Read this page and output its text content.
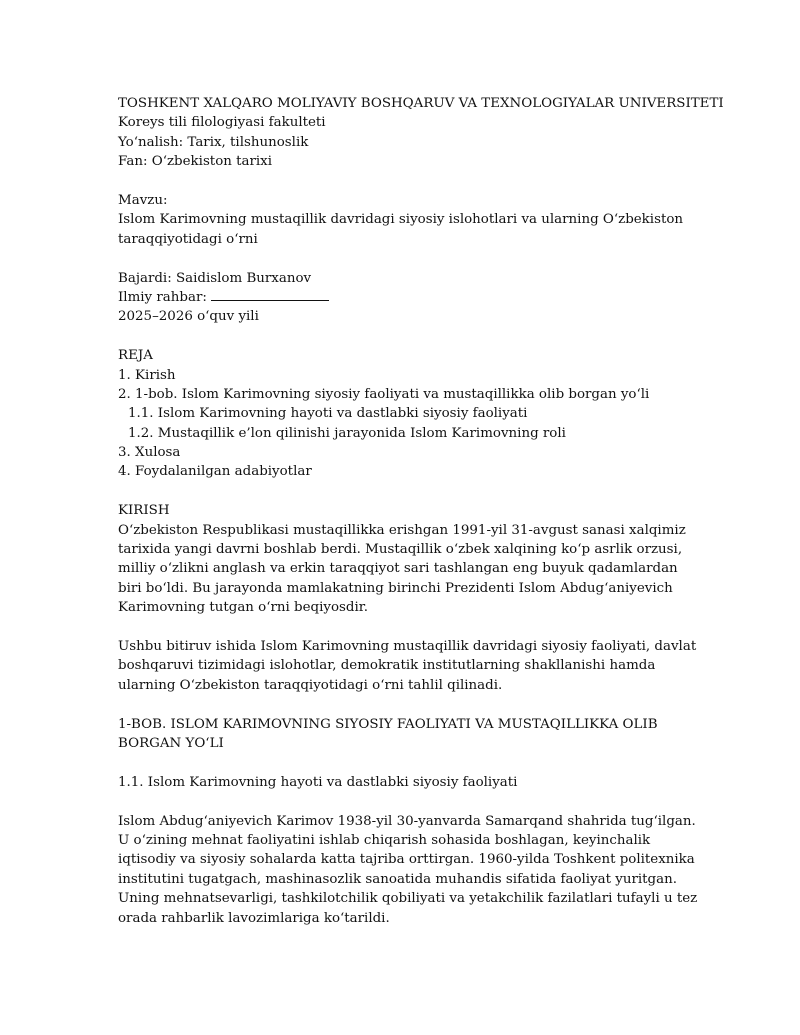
TOSHKENT XALQARO MOLIYAVIY BOSHQARUV VA TEXNOLOGIYALAR UNIVERSITETI
Koreys tili filologiyasi fakulteti
Yo‘nalish: Tarix, tilshunoslik
Fan: O‘zbekiston tarixi
Mavzu:

Islom Karimovning mustaqillik davridagi siyosiy islohotlari va ularning O‘zbekiston taraqqiyotidagi o‘rni

Bajardi: Saidislom Burxanov
Ilmiy rahbar:
2025–2026 o‘quv yili
REJA
1. Kirish
2. 1-bob. Islom Karimovning siyosiy faoliyati va mustaqillikka olib borgan yo‘li
1.1. Islom Karimovning hayoti va dastlabki siyosiy faoliyati
1.2. Mustaqillik e’lon qilinishi jarayonida Islom Karimovning roli
3. Xulosa
4. Foydalanilgan adabiyotlar
KIRISH

O‘zbekiston Respublikasi mustaqillikka erishgan 1991-yil 31-avgust sanasi xalqimiz tarixida yangi davrni boshlab berdi. Mustaqillik o‘zbek xalqining ko‘p asrlik orzusi, milliy o‘zlikni anglash va erkin taraqqiyot sari tashlangan eng buyuk qadamlardan biri bo‘ldi. Bu jarayonda mamlakatning birinchi Prezidenti Islom Abdug‘aniyevich Karimovning tutgan o‘rni beqiyosdir.

Ushbu bitiruv ishida Islom Karimovning mustaqillik davridagi siyosiy faoliyati, davlat boshqaruvi tizimidagi islohotlar, demokratik institutlarning shakllanishi hamda ularning O‘zbekiston taraqqiyotidagi o‘rni tahlil qilinadi.

1-BOB. ISLOM KARIMOVNING SIYOSIY FAOLIYATI VA MUSTAQILLIKKA OLIB BORGAN YO‘LI

1.1. Islom Karimovning hayoti va dastlabki siyosiy faoliyati

Islom Abdug‘aniyevich Karimov 1938-yil 30-yanvarda Samarqand shahrida tug‘ilgan. U o‘zining mehnat faoliyatini ishlab chiqarish sohasida boshlagan, keyinchalik iqtisodiy va siyosiy sohalarda katta tajriba orttirgan. 1960-yilda Toshkent politexnika institutini tugatgach, mashinasozlik sanoatida muhandis sifatida faoliyat yuritgan. Uning mehnatsevarligi, tashkilotchilik qobiliyati va yetakchilik fazilatlari tufayli u tez orada rahbarlik lavozimlariga ko‘tarildi.
